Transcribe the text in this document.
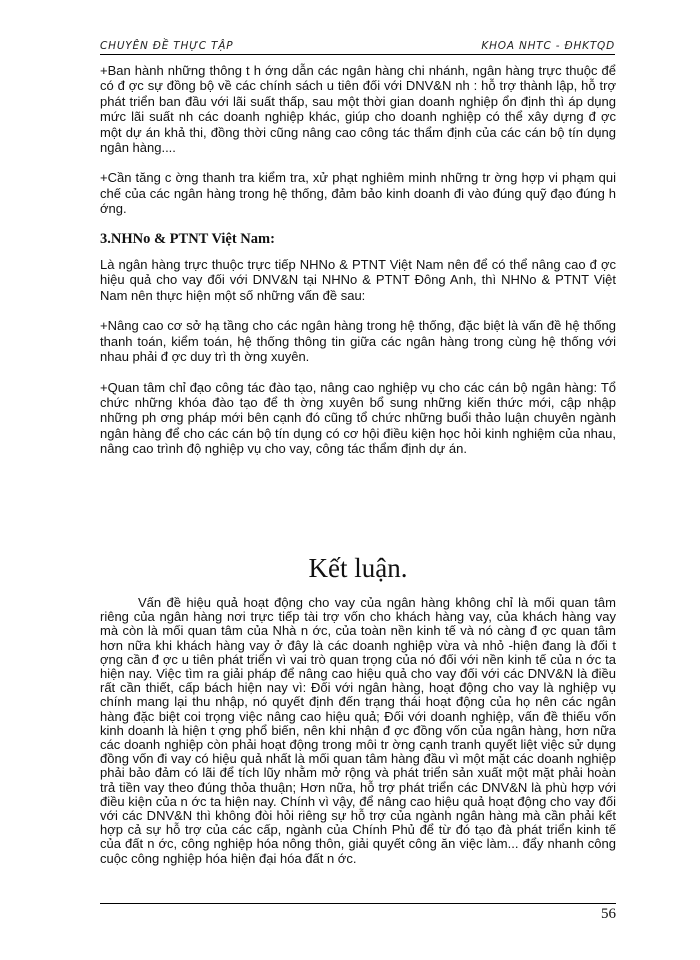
CHUYÊN ĐỀ THỰC TẬP	KHOA NHTC - ĐHKTQD

+Ban hành những thông t h ớng dẫn các ngân hàng chi nhánh, ngân hàng trực thuộc để có đ ợc sự đồng bộ về các chính sách u tiên đối với DNV&N nh : hỗ trợ thành lập, hỗ trợ phát triển ban đầu với lãi suất thấp, sau một thời gian doanh nghiệp ổn định thì áp dụng mức lãi suất nh các doanh nghiệp khác, giúp cho doanh nghiệp có thể xây dựng đ ợc một dự án khả thi, đồng thời cũng nâng cao công tác thẩm định của các cán bộ tín dụng ngân hàng....

+Cần tăng c ờng thanh tra kiểm tra, xử phạt nghiêm minh những tr ờng hợp vi phạm qui chế của các ngân hàng trong hệ thống, đảm bảo kinh doanh đi vào đúng quỹ đạo đúng h ớng.

3.NHNo & PTNT Việt Nam:

Là ngân hàng trực thuộc trực tiếp NHNo & PTNT Việt Nam nên để có thể nâng cao đ ợc hiệu quả cho vay đối với DNV&N tại NHNo & PTNT Đông Anh, thì NHNo & PTNT Việt Nam nên thực hiện một số những vấn đề sau:

+Nâng cao cơ sở hạ tầng cho các ngân hàng trong hệ thống, đặc biệt là vấn đề hệ thống thanh toán, kiểm toán, hệ thống thông tin giữa các ngân hàng trong cùng hệ thống với nhau phải đ ợc duy trì th ờng xuyên.

+Quan tâm chỉ đạo công tác đào tạo, nâng cao nghiệp vụ cho các cán bộ ngân hàng: Tổ chức những khóa đào tạo để th ờng xuyên bổ sung những kiến thức mới, cập nhập những ph ơng pháp mới bên cạnh đó cũng tổ chức những buổi thảo luận chuyên ngành ngân hàng để cho các cán bộ tín dụng có cơ hội điều kiện học hỏi kinh nghiệm của nhau, nâng cao trình độ nghiệp vụ cho vay, công tác thẩm định dự án.

Kết luận.

Vấn đề hiệu quả hoạt động cho vay của ngân hàng không chỉ là mối quan tâm riêng của ngân hàng nơi trực tiếp tài trợ vốn cho khách hàng vay, của khách hàng vay mà còn là mối quan tâm của Nhà n ớc, của toàn nền kinh tế và nó càng đ ợc quan tâm hơn nữa khi khách hàng vay ở đây là các doanh nghiệp vừa và nhỏ -hiện đang là đối t ợng cần đ ợc u tiên phát triển vì vai trò quan trọng của nó đối với nền kinh tế của n ớc ta hiện nay. Việc tìm ra giải pháp để nâng cao hiệu quả cho vay đối với các DNV&N là điều rất cần thiết, cấp bách hiện nay vì: Đối với ngân hàng, hoạt động cho vay là nghiệp vụ chính mang lại thu nhập, nó quyết định đến trạng thái hoạt động của họ nên các ngân hàng đặc biệt coi trọng việc nâng cao hiệu quả; Đối với doanh nghiệp, vấn đề thiếu vốn kinh doanh là hiện t ợng phổ biến, nên khi nhận đ ợc đồng vốn của ngân hàng, hơn nữa các doanh nghiệp còn phải hoạt động trong môi tr ờng cạnh tranh quyết liệt việc sử dụng đồng vốn đi vay có hiệu quả nhất là mối quan tâm hàng đầu vì một mặt các doanh nghiệp phải bảo đảm có lãi để tích lũy nhằm mở rộng và phát triển sản xuất một mặt phải hoàn trả tiền vay theo đúng thỏa thuận; Hơn nữa, hỗ trợ phát triển các DNV&N là phù hợp với điều kiện của n ớc ta hiện nay. Chính vì vậy, để nâng cao hiệu quả hoạt động cho vay đối với các DNV&N thì không đòi hỏi riêng sự hỗ trợ của ngành ngân hàng mà cần phải kết hợp cả sự hỗ trợ của các cấp, ngành của Chính Phủ để từ đó tạo đà phát triển kinh tế của đất n ớc, công nghiệp hóa nông thôn, giải quyết công ăn việc làm... đẩy nhanh công cuộc công nghiệp hóa hiện đại hóa đất n ớc.

56
